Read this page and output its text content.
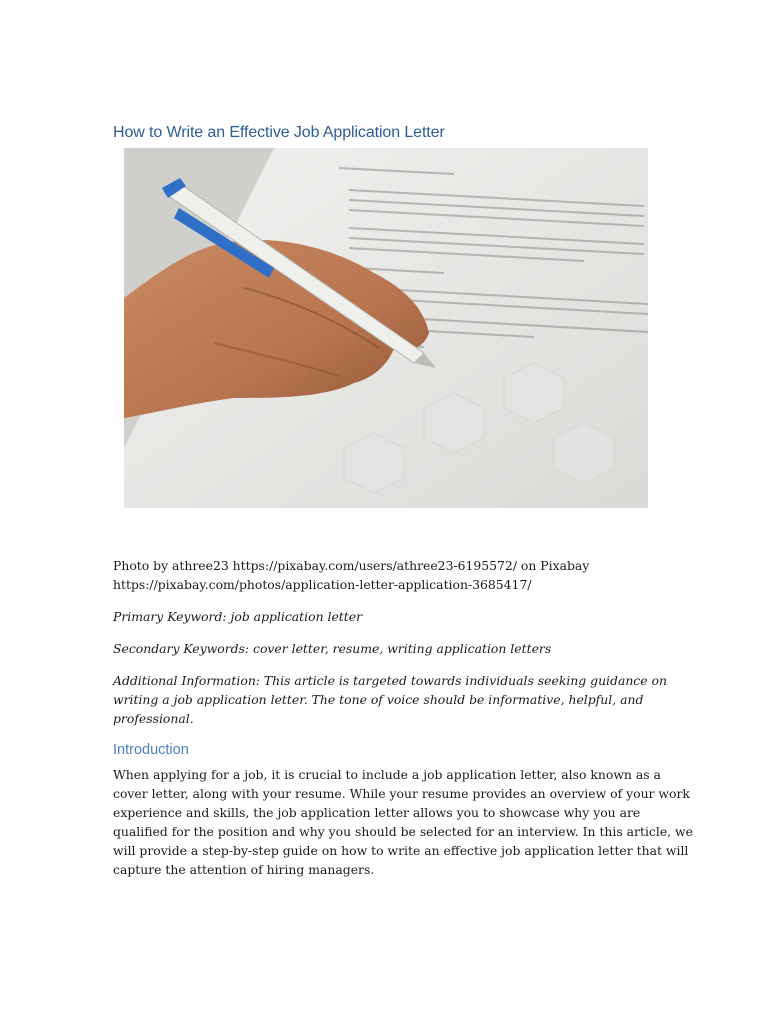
How to Write an Effective Job Application Letter
Photo by athree23 https://pixabay.com/users/athree23-6195572/ on Pixabay
https://pixabay.com/photos/application-letter-application-3685417/
Primary Keyword: job application letter
Secondary Keywords: cover letter, resume, writing application letters
Additional Information: This article is targeted towards individuals seeking guidance on
writing a job application letter. The tone of voice should be informative, helpful, and
professional.
Introduction
When applying for a job, it is crucial to include a job application letter, also known as a
cover letter, along with your resume. While your resume provides an overview of your work
experience and skills, the job application letter allows you to showcase why you are
qualified for the position and why you should be selected for an interview. In this article, we
will provide a step-by-step guide on how to write an effective job application letter that will
capture the attention of hiring managers.
